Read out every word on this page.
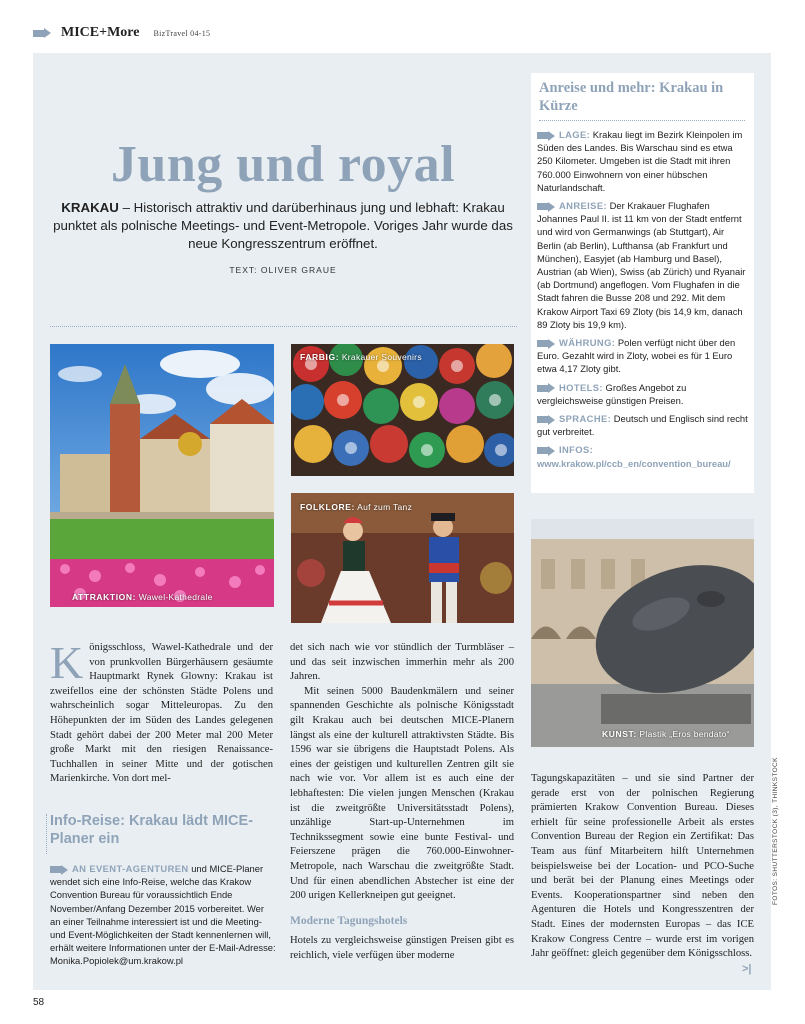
MICE+More BizTravel 04-15
Jung und royal
KRAKAU – Historisch attraktiv und darüberhinaus jung und lebhaft: Krakau punktet als polnische Meetings- und Event-Metropole. Voriges Jahr wurde das neue Kongresszentrum eröffnet.
TEXT: OLIVER GRAUE
Anreise und mehr: Krakau in Kürze
LAGE: Krakau liegt im Bezirk Kleinpolen im Süden des Landes. Bis Warschau sind es etwa 250 Kilometer. Umgeben ist die Stadt mit ihren 760.000 Einwohnern von einer hübschen Naturlandschaft.
ANREISE: Der Krakauer Flughafen Johannes Paul II. ist 11 km von der Stadt entfernt und wird von Germanwings (ab Stuttgart), Air Berlin (ab Berlin), Lufthansa (ab Frankfurt und München), Easyjet (ab Hamburg und Basel), Austrian (ab Wien), Swiss (ab Zürich) und Ryanair (ab Dortmund) angeflogen. Vom Flughafen in die Stadt fahren die Busse 208 und 292. Mit dem Krakow Airport Taxi 69 Zloty (bis 14,9 km, danach 89 Zloty bis 19,9 km).
WÄHRUNG: Polen verfügt nicht über den Euro. Gezahlt wird in Zloty, wobei es für 1 Euro etwa 4,17 Zloty gibt.
HOTELS: Großes Angebot zu vergleichsweise günstigen Preisen.
SPRACHE: Deutsch und Englisch sind recht gut verbreitet.
INFOS: www.krakow.pl/ccb_en/convention_bureau/
ATTRAKTION: Wawel-Kathedrale
FARBIG: Krakauer Souvenirs
FOLKLORE: Auf zum Tanz
KUNST: Plastik „Eros bendato“
Königsschloss, Wawel-Kathedrale und der von prunkvollen Bürgerhäusern gesäumte Hauptmarkt Rynek Glowny: Krakau ist zweifellos eine der schönsten Städte Polens und wahrscheinlich sogar Mitteleuropas. Zu den Höhepunkten der im Süden des Landes gelegenen Stadt gehört dabei der 200 Meter mal 200 Meter große Markt mit den riesigen Renaissance-Tuchhallen in seiner Mitte und der gotischen Marienkirche. Von dort mel-
Info-Reise: Krakau lädt MICE-Planer ein
AN EVENT-AGENTUREN und MICE-Planer wendet sich eine Info-Reise, welche das Krakow Convention Bureau für voraussichtlich Ende November/Anfang Dezember 2015 vorbereitet. Wer an einer Teilnahme interessiert ist und die Meeting- und Event-Möglichkeiten der Stadt kennenlernen will, erhält weitere Informationen unter der E-Mail-Adresse: Monika.Popiolek@um.krakow.pl
det sich nach wie vor stündlich der Turmbläser – und das seit inzwischen immerhin mehr als 200 Jahren.
Mit seinen 5000 Baudenkmälern und seiner spannenden Geschichte als polnische Königsstadt gilt Krakau auch bei deutschen MICE-Planern längst als eine der kulturell attraktivsten Städte. Bis 1596 war sie übrigens die Hauptstadt Polens. Als eines der geistigen und kulturellen Zentren gilt sie nach wie vor. Vor allem ist es auch eine der lebhaftesten: Die vielen jungen Menschen (Krakau ist die zweitgrößte Universitätsstadt Polens), unzählige Start-up-Unternehmen im Technikssegment sowie eine bunte Festival- und Feierszene prägen die 760.000-Einwohner-Metropole, nach Warschau die zweitgrößte Stadt. Und für einen abendlichen Abstecher ist eine der 200 urigen Kellerkneipen gut geeignet.
Moderne Tagungshotels
Hotels zu vergleichsweise günstigen Preisen gibt es reichlich, viele verfügen über moderne
Tagungskapazitäten – und sie sind Partner der gerade erst von der polnischen Regierung prämierten Krakow Convention Bureau. Dieses erhielt für seine professionelle Arbeit als erstes Convention Bureau der Region ein Zertifikat: Das Team aus fünf Mitarbeitern hilft Unternehmen beispielsweise bei der Location- und PCO-Suche und berät bei der Planung eines Meetings oder Events. Kooperationspartner sind neben den Agenturen die Hotels und Kongresszentren der Stadt. Eines der modernsten Europas – das ICE Krakow Congress Centre – wurde erst im vorigen Jahr geöffnet: gleich gegenüber dem Königsschloss.
>|
58
FOTOS: SHUTTERSTOCK (3), THINKSTOCK
